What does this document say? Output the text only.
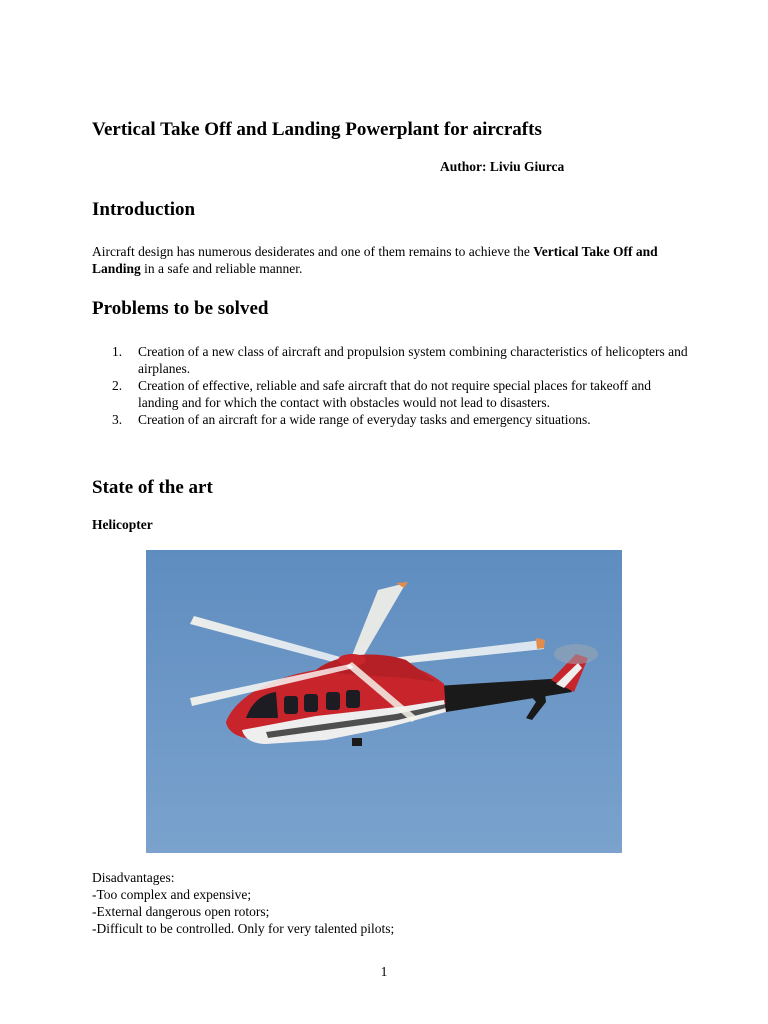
Vertical Take Off and Landing Powerplant for aircrafts
Author: Liviu Giurca
Introduction
Aircraft design has numerous desiderates and one of them remains to achieve the Vertical Take Off and Landing in a safe and reliable manner.
Problems to be solved
1. Creation of a new class of aircraft and propulsion system combining characteristics of helicopters and airplanes.
2. Creation of effective, reliable and safe aircraft that do not require special places for takeoff and landing and for which the contact with obstacles would not lead to disasters.
3. Creation of an aircraft for a wide range of everyday tasks and emergency situations.
State of the art
Helicopter
Disadvantages:
-Too complex and expensive;
-External dangerous open rotors;
-Difficult to be controlled. Only for very talented pilots;
1
